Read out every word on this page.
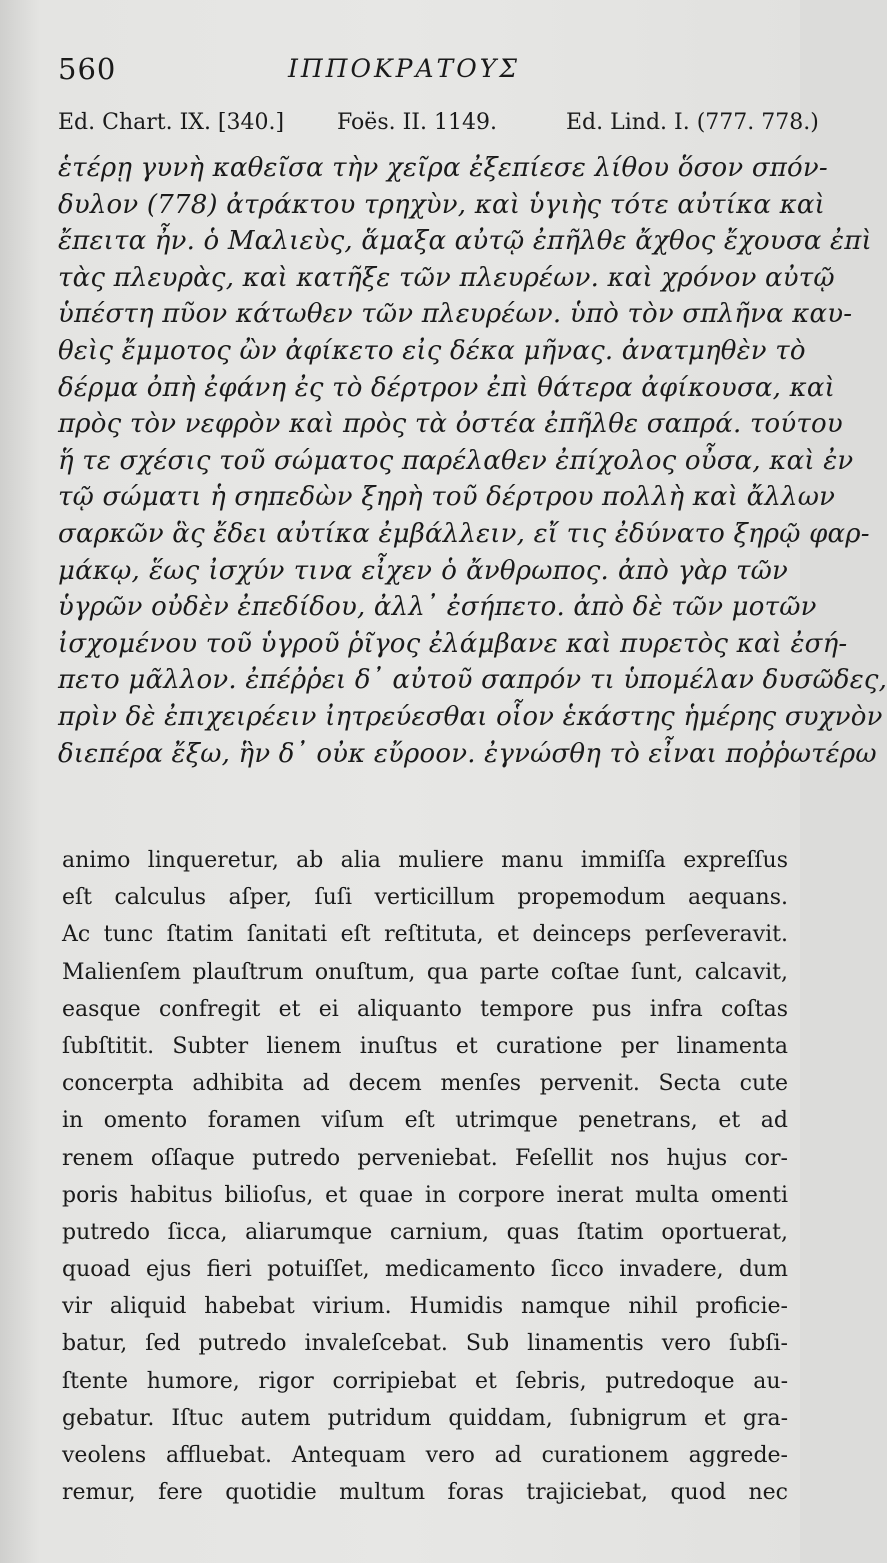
560	ΙΠΠΟΚΡΑΤΟΥΣ
Ed. Chart. IX. [340.] Foës. II. 1149.	Ed. Lind. I. (777. 778.)
ἑτέρῃ γυνὴ καθεῖσα τὴν χεῖρα ἐξεπίεσε λίθου ὅσον σπόν-
δυλον (778) ἀτράκτου τρηχὺν, καὶ ὑγιὴς τότε αὐτίκα καὶ
ἔπειτα ἦν. ὁ Μαλιεὺς, ἅμαξα αὐτῷ ἐπῆλθε ἄχθος ἔχουσα ἐπὶ
τὰς πλευρὰς, καὶ κατῆξε τῶν πλευρέων. καὶ χρόνον αὐτῷ
ὑπέστη πῦον κάτωθεν τῶν πλευρέων. ὑπὸ τὸν σπλῆνα καυ-
θεὶς ἔμμοτος ὢν ἀφίκετο εἰς δέκα μῆνας. ἀνατμηθὲν τὸ
δέρμα ὀπὴ ἐφάνη ἐς τὸ δέρτρον ἐπὶ θάτερα ἀφίκουσα, καὶ
πρὸς τὸν νεφρὸν καὶ πρὸς τὰ ὀστέα ἐπῆλθε σαπρά. τούτου
ἥ τε σχέσις τοῦ σώματος παρέλαθεν ἐπίχολος οὖσα, καὶ ἐν
τῷ σώματι ἡ σηπεδὼν ξηρὴ τοῦ δέρτρου πολλὴ καὶ ἄλλων
σαρκῶν ἃς ἔδει αὐτίκα ἐμβάλλειν, εἴ τις ἐδύνατο ξηρῷ φαρ-
μάκῳ, ἕως ἰσχύν τινα εἶχεν ὁ ἄνθρωπος. ἀπὸ γὰρ τῶν
ὑγρῶν οὐδὲν ἐπεδίδου, ἀλλ᾽ ἐσήπετο. ἀπὸ δὲ τῶν μοτῶν
ἰσχομένου τοῦ ὑγροῦ ῥῖγος ἐλάμβανε καὶ πυρετὸς καὶ ἐσή-
πετο μᾶλλον. ἐπέῤῥει δ᾽ αὐτοῦ σαπρόν τι ὑπομέλαν δυσῶδες,
πρὶν δὲ ἐπιχειρέειν ἰητρεύεσθαι οἷον ἑκάστης ἡμέρης συχνὸν
διεπέρα ἔξω, ἣν δ᾽ οὐκ εὔροον. ἐγνώσθη τὸ εἶναι ποῤῥωτέρω
animo linqueretur, ab alia muliere manu immiſſa expreſſus
eſt calculus aſper, ſuſi verticillum propemodum aequans.
Ac tunc ſtatim ſanitati eſt reſtituta, et deinceps perſeveravit.
Malienſem plauſtrum onuſtum, qua parte coſtae ſunt, calcavit,
easque confregit et ei aliquanto tempore pus infra coſtas
ſubſtitit. Subter lienem inuſtus et curatione per linamenta
concerpta adhibita ad decem menſes pervenit. Secta cute
in omento foramen viſum eſt utrimque penetrans, et ad
renem oſſaque putredo perveniebat. Feſellit nos hujus cor-
poris habitus bilioſus, et quae in corpore inerat multa omenti
putredo ſicca, aliarumque carnium, quas ſtatim oportuerat,
quoad ejus fieri potuiſſet, medicamento ſicco invadere, dum
vir aliquid habebat virium. Humidis namque nihil proficie-
batur, ſed putredo invaleſcebat. Sub linamentis vero ſubſi-
ſtente humore, rigor corripiebat et ſebris, putredoque au-
gebatur. Iſtuc autem putridum quiddam, ſubnigrum et gra-
veolens affluebat. Antequam vero ad curationem aggrede-
remur, fere quotidie multum foras trajiciebat, quod nec
